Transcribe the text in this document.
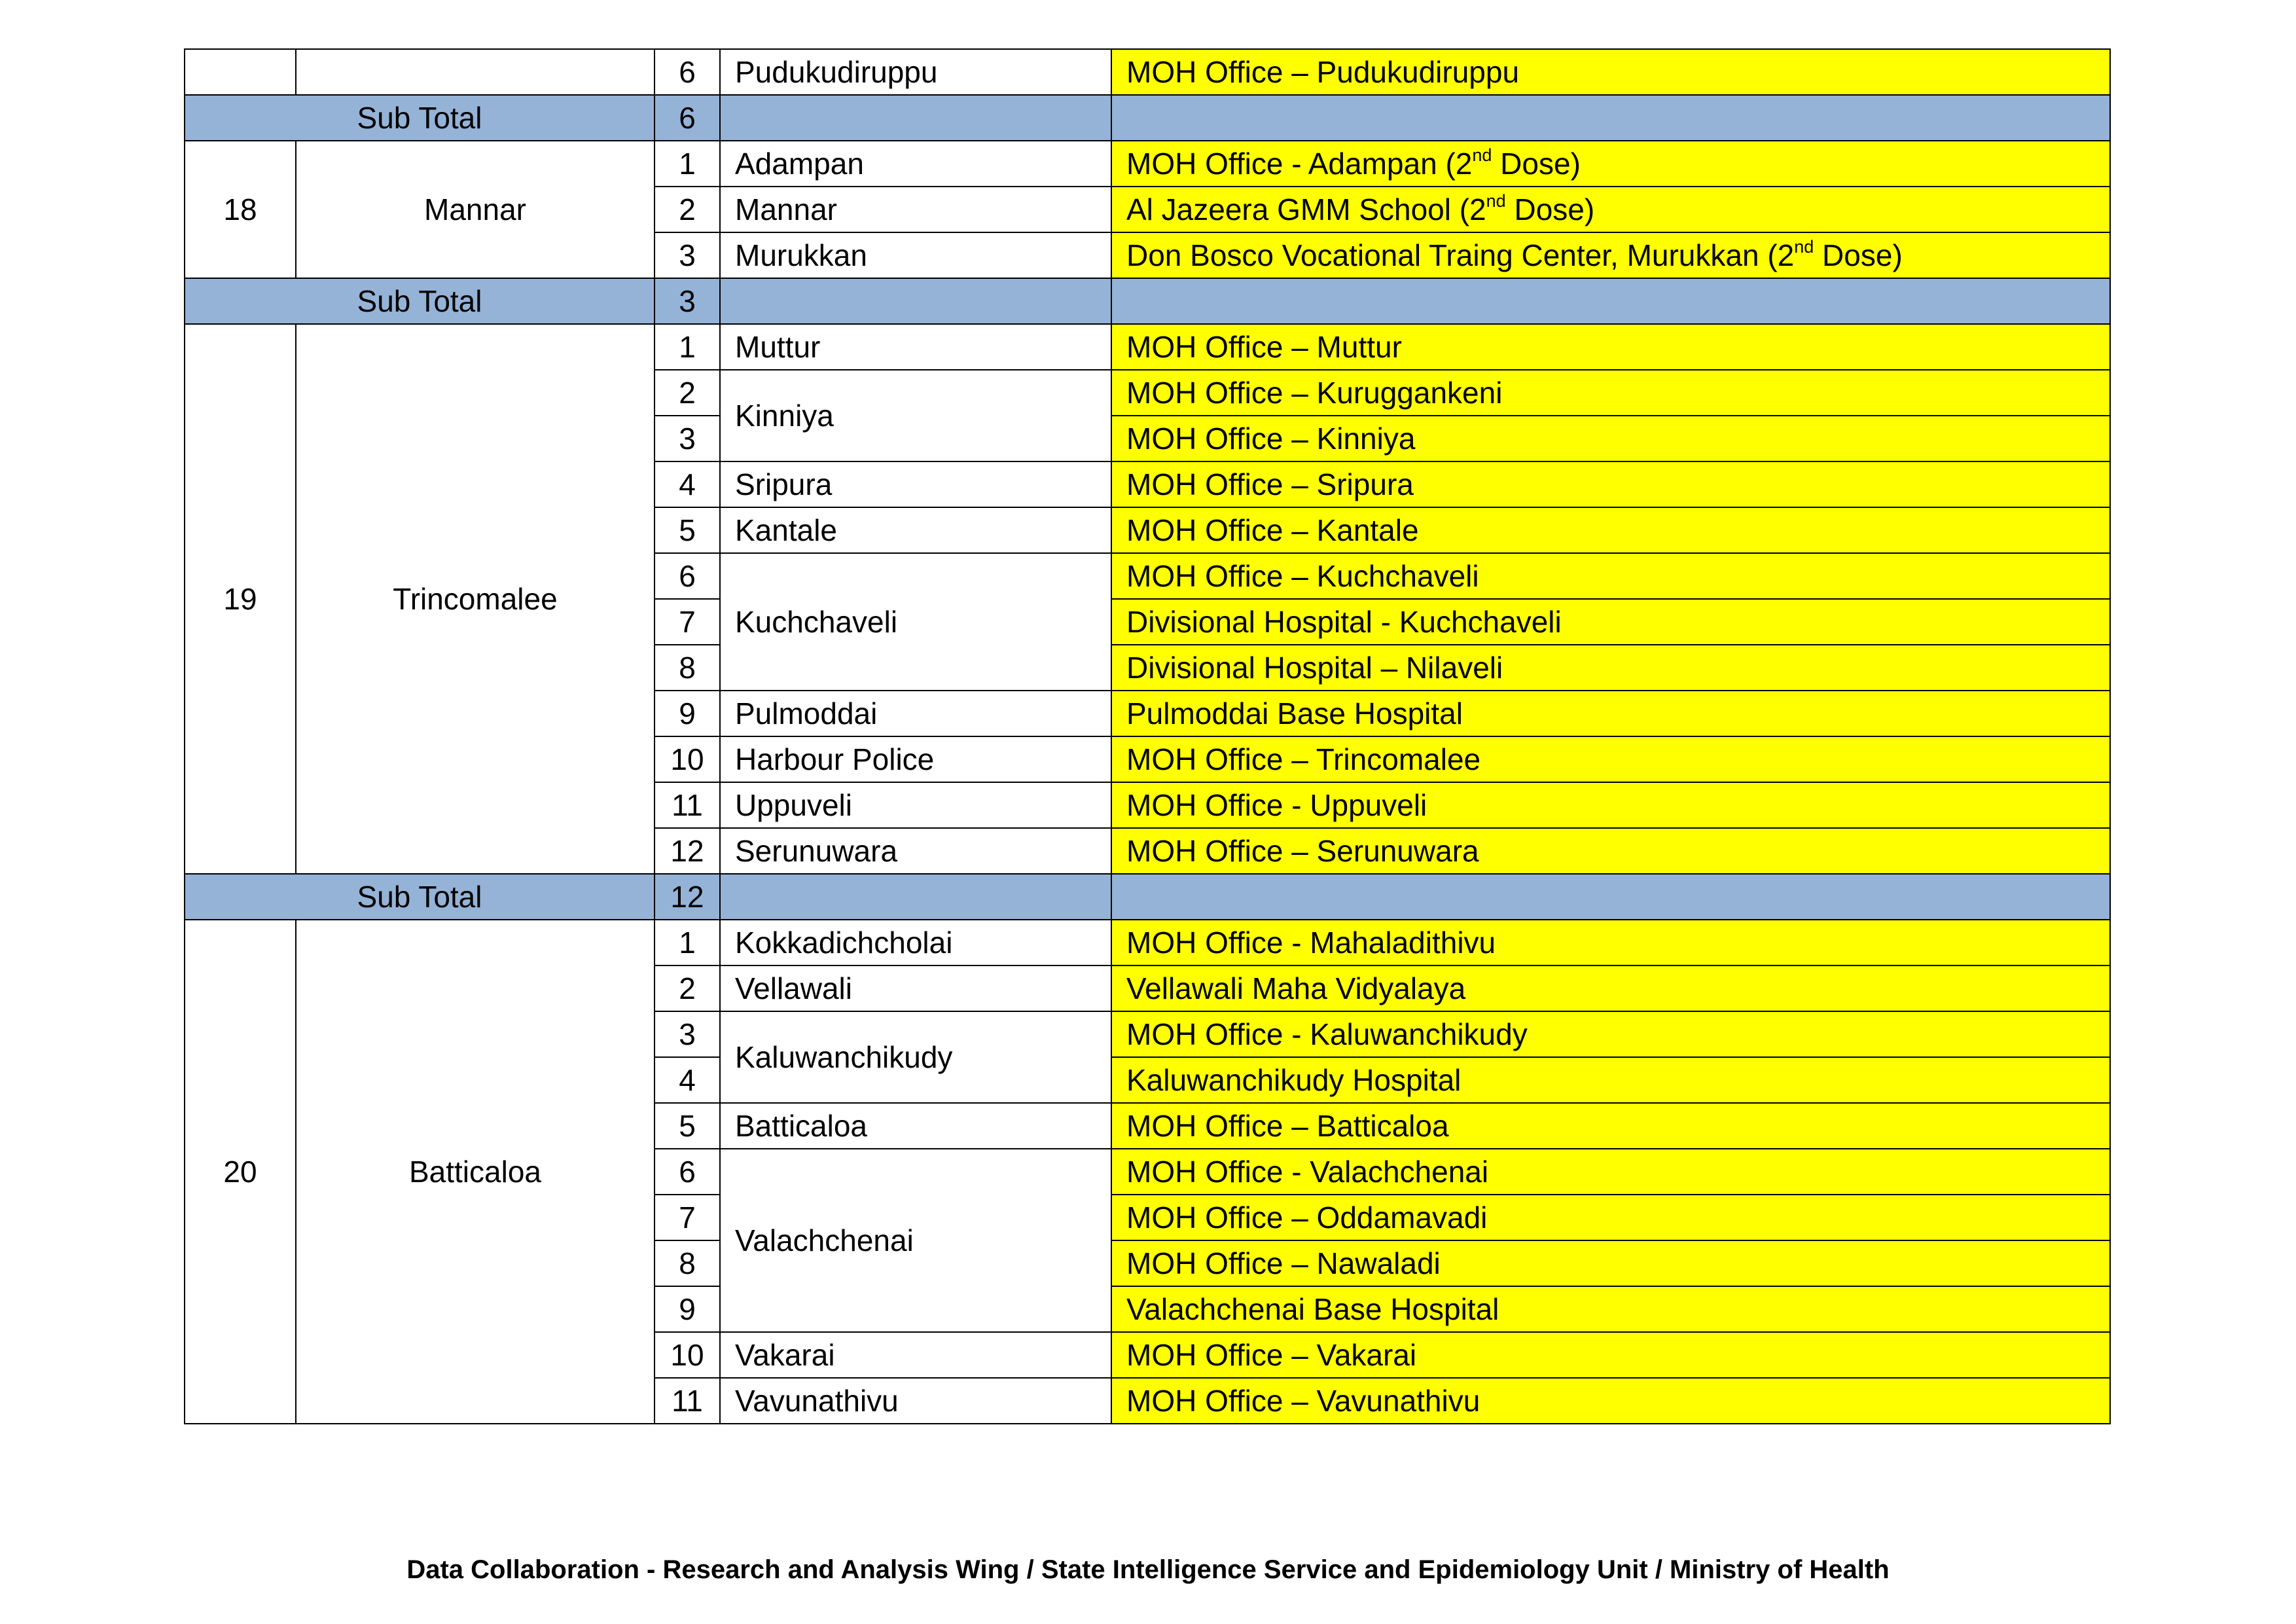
		6	Pudukudiruppu	MOH Office – Pudukudiruppu
Sub Total		6		
18	Mannar	1	Adampan	MOH Office - Adampan (2nd Dose)
		2	Mannar	Al Jazeera GMM School (2nd Dose)
		3	Murukkan	Don Bosco Vocational Traing Center, Murukkan (2nd Dose)
Sub Total		3		
19	Trincomalee	1	Muttur	MOH Office – Muttur
		2	Kinniya	MOH Office – Kuruggankeni
		3		MOH Office – Kinniya
		4	Sripura	MOH Office – Sripura
		5	Kantale	MOH Office – Kantale
		6	Kuchchaveli	MOH Office – Kuchchaveli
		7		Divisional Hospital - Kuchchaveli
		8		Divisional Hospital – Nilaveli
		9	Pulmoddai	Pulmoddai Base Hospital
		10	Harbour Police	MOH Office – Trincomalee
		11	Uppuveli	MOH Office - Uppuveli
		12	Serunuwara	MOH Office – Serunuwara
Sub Total		12		
20	Batticaloa	1	Kokkadichcholai	MOH Office - Mahaladithivu
		2	Vellawali	Vellawali Maha Vidyalaya
		3	Kaluwanchikudy	MOH Office - Kaluwanchikudy
		4		Kaluwanchikudy Hospital
		5	Batticaloa	MOH Office – Batticaloa
		6	Valachchenai	MOH Office - Valachchenai
		7		MOH Office – Oddamavadi
		8		MOH Office – Nawaladi
		9		Valachchenai Base Hospital
		10	Vakarai	MOH Office – Vakarai
		11	Vavunathivu	MOH Office – Vavunathivu
Data Collaboration - Research and Analysis Wing / State Intelligence Service and Epidemiology Unit / Ministry of Health
